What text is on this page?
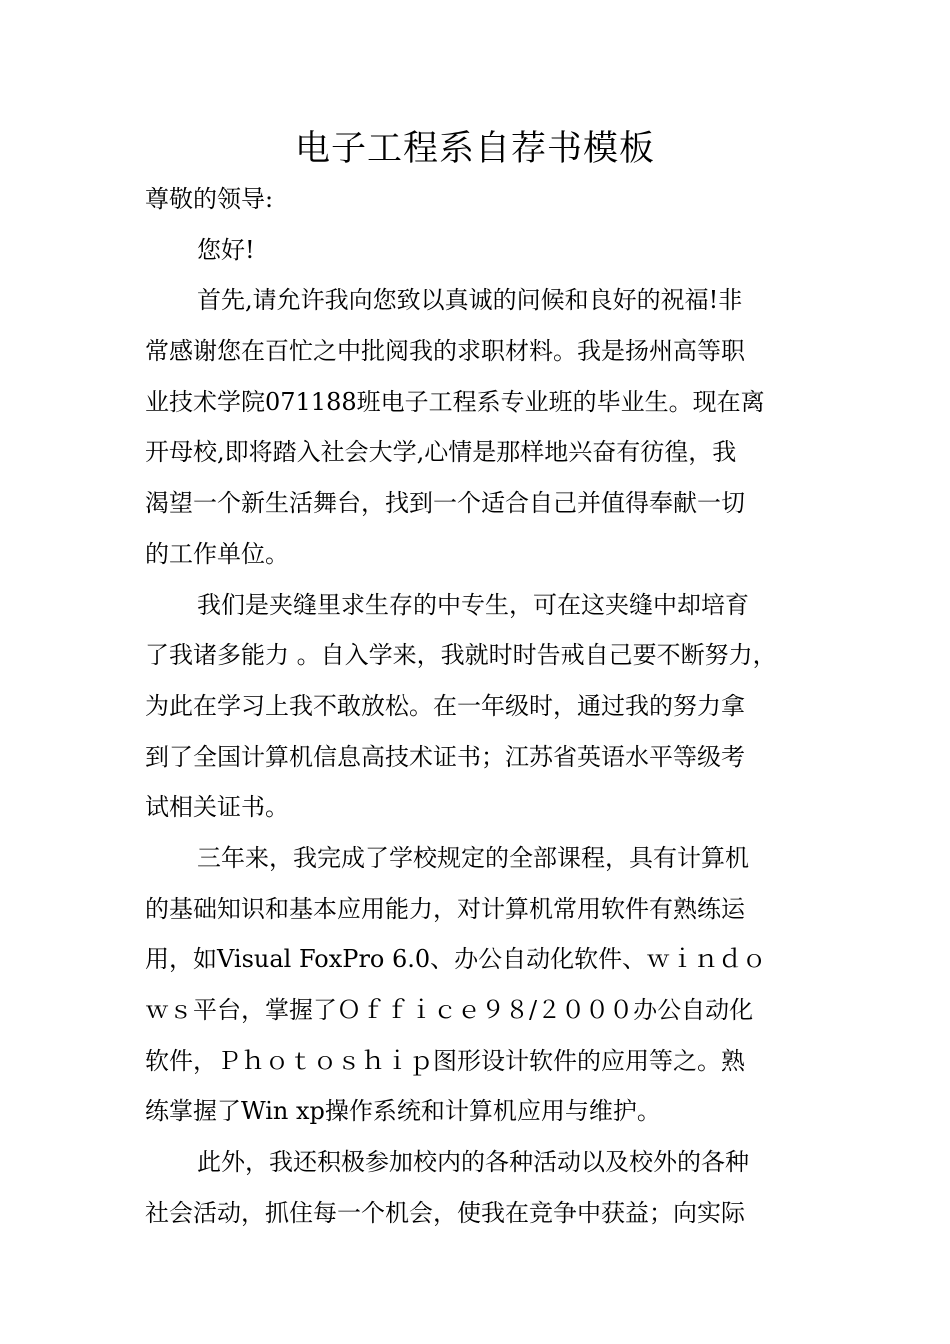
电子工程系自荐书模板
尊敬的领导:
您好!
首先,请允许我向您致以真诚的问候和良好的祝福!非
常感谢您在百忙之中批阅我的求职材料。我是扬州高等职
业技术学院071188班电子工程系专业班的毕业生。现在离
开母校,即将踏入社会大学,心情是那样地兴奋有彷徨，我
渴望一个新生活舞台，找到一个适合自己并值得奉献一切
的工作单位。
我们是夹缝里求生存的中专生，可在这夹缝中却培育
了我诸多能力 。自入学来，我就时时告戒自己要不断努力，
为此在学习上我不敢放松。在一年级时，通过我的努力拿
到了全国计算机信息高技术证书；江苏省英语水平等级考
试相关证书。
三年来，我完成了学校规定的全部课程，具有计算机
的基础知识和基本应用能力，对计算机常用软件有熟练运
用，如Visual FoxPro 6.0、办公自动化软件、ｗｉｎｄｏ
ｗｓ平台，掌握了Ｏｆｆｉｃｅ９８/２０００办公自动化
软件，Ｐｈｏｔｏｓｈｉｐ图形设计软件的应用等之。熟
练掌握了Win xp操作系统和计算机应用与维护。
此外，我还积极参加校内的各种活动以及校外的各种
社会活动，抓住每一个机会，使我在竞争中获益；向实际
